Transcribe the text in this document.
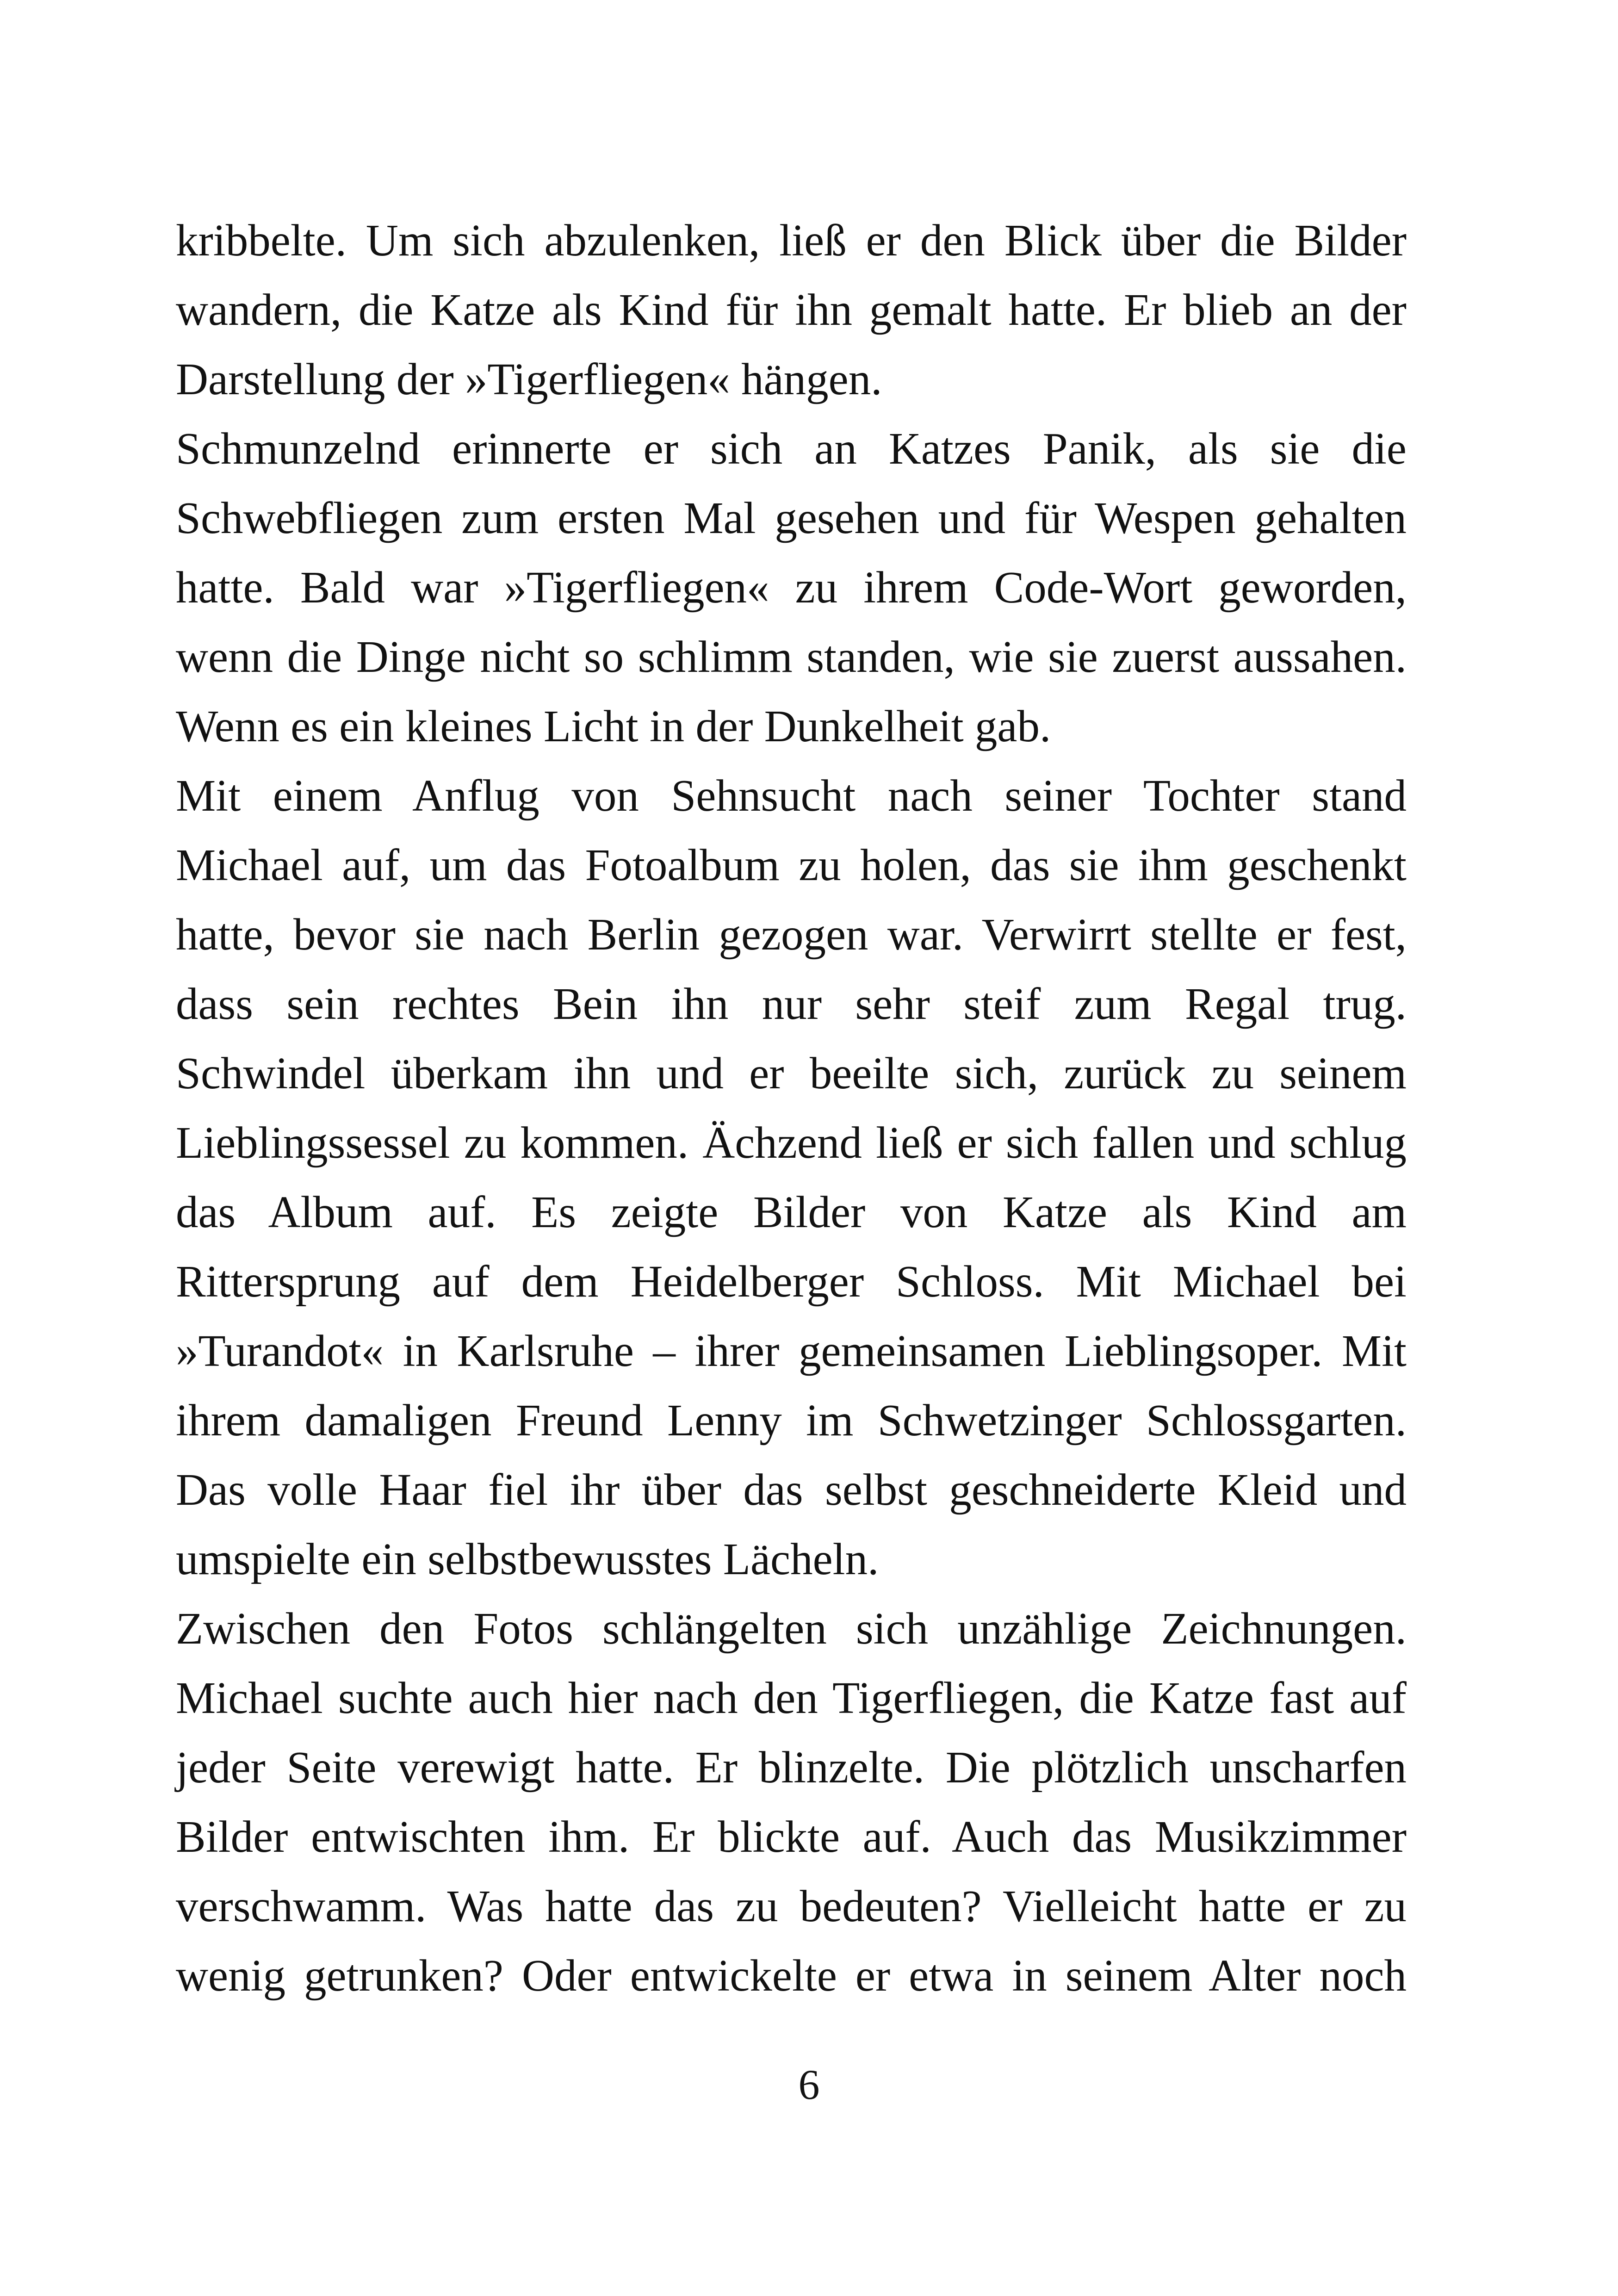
kribbelte. Um sich abzulenken, ließ er den Blick über die Bilder
wandern, die Katze als Kind für ihn gemalt hatte. Er blieb an der
Darstellung der »Tigerfliegen« hängen.
Schmunzelnd erinnerte er sich an Katzes Panik, als sie die
Schwebfliegen zum ersten Mal gesehen und für Wespen gehalten
hatte. Bald war »Tigerfliegen« zu ihrem Code-Wort geworden,
wenn die Dinge nicht so schlimm standen, wie sie zuerst aussahen.
Wenn es ein kleines Licht in der Dunkelheit gab.
Mit einem Anflug von Sehnsucht nach seiner Tochter stand
Michael auf, um das Fotoalbum zu holen, das sie ihm geschenkt
hatte, bevor sie nach Berlin gezogen war. Verwirrt stellte er fest,
dass sein rechtes Bein ihn nur sehr steif zum Regal trug.
Schwindel überkam ihn und er beeilte sich, zurück zu seinem
Lieblingssessel zu kommen. Ächzend ließ er sich fallen und schlug
das Album auf. Es zeigte Bilder von Katze als Kind am
Rittersprung auf dem Heidelberger Schloss. Mit Michael bei
»Turandot« in Karlsruhe – ihrer gemeinsamen Lieblingsoper. Mit
ihrem damaligen Freund Lenny im Schwetzinger Schlossgarten.
Das volle Haar fiel ihr über das selbst geschneiderte Kleid und
umspielte ein selbstbewusstes Lächeln.
Zwischen den Fotos schlängelten sich unzählige Zeichnungen.
Michael suchte auch hier nach den Tigerfliegen, die Katze fast auf
jeder Seite verewigt hatte. Er blinzelte. Die plötzlich unscharfen
Bilder entwischten ihm. Er blickte auf. Auch das Musikzimmer
verschwamm. Was hatte das zu bedeuten? Vielleicht hatte er zu
wenig getrunken? Oder entwickelte er etwa in seinem Alter noch
6
